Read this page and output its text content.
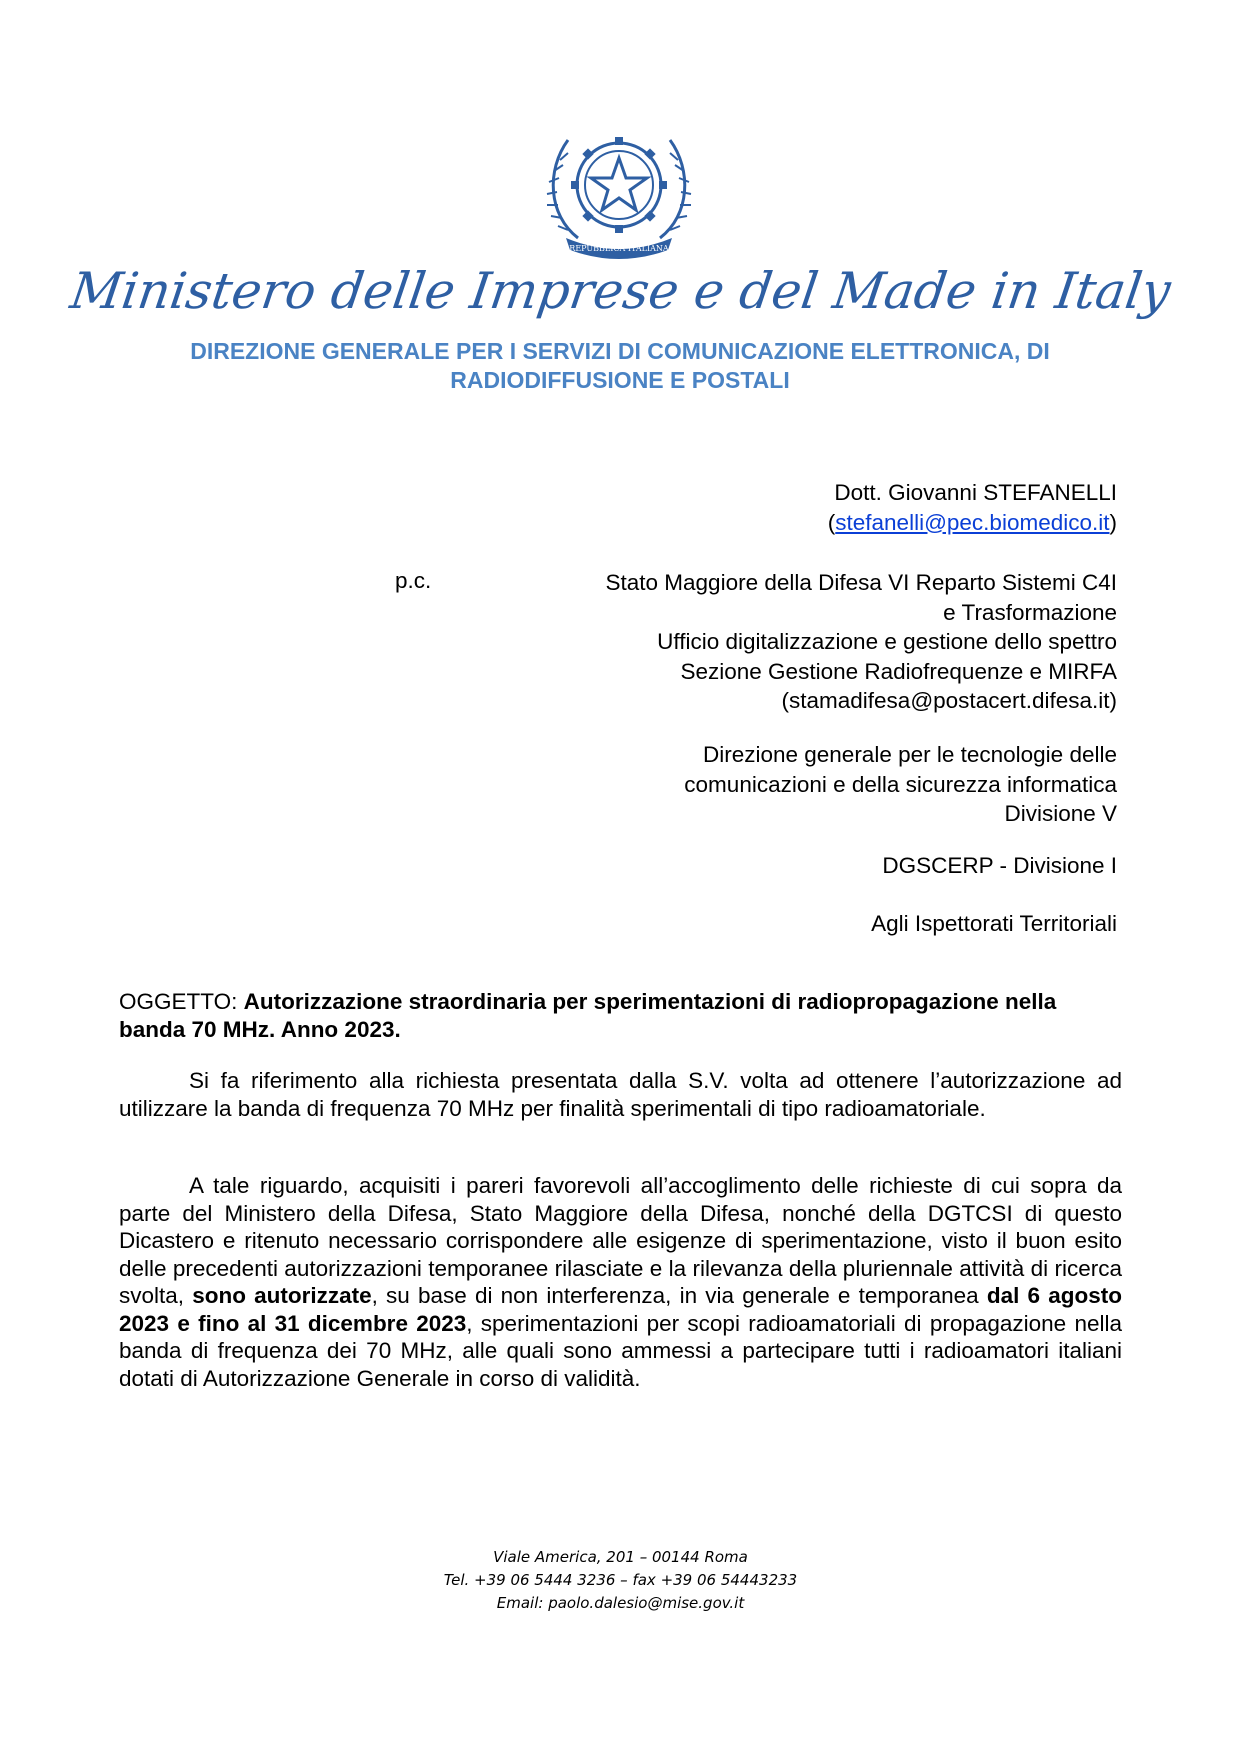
REPUBBLICA ITALIANA
Ministero delle Imprese e del Made in Italy
DIREZIONE GENERALE PER I SERVIZI DI COMUNICAZIONE ELETTRONICA, DI
RADIODIFFUSIONE E POSTALI
Dott. Giovanni STEFANELLI
(stefanelli@pec.biomedico.it)
p.c.	Stato Maggiore della Difesa VI Reparto Sistemi C4I
e Trasformazione
Ufficio digitalizzazione e gestione dello spettro
Sezione Gestione Radiofrequenze e MIRFA
(stamadifesa@postacert.difesa.it)
Direzione generale per le tecnologie delle
comunicazioni e della sicurezza informatica
Divisione V
DGSCERP - Divisione I
Agli Ispettorati Territoriali
OGGETTO: Autorizzazione straordinaria per sperimentazioni di radiopropagazione nella banda 70 MHz. Anno 2023.
Si fa riferimento alla richiesta presentata dalla S.V. volta ad ottenere l’autorizzazione ad utilizzare la banda di frequenza 70 MHz per finalità sperimentali di tipo radioamatoriale.
A tale riguardo, acquisiti i pareri favorevoli all’accoglimento delle richieste di cui sopra da parte del Ministero della Difesa, Stato Maggiore della Difesa, nonché della DGTCSI di questo Dicastero e ritenuto necessario corrispondere alle esigenze di sperimentazione, visto il buon esito delle precedenti autorizzazioni temporanee rilasciate e la rilevanza della pluriennale attività di ricerca svolta, sono autorizzate, su base di non interferenza, in via generale e temporanea dal 6 agosto 2023 e fino al 31 dicembre 2023, sperimentazioni per scopi radioamatoriali di propagazione nella banda di frequenza dei 70 MHz, alle quali sono ammessi a partecipare tutti i radioamatori italiani dotati di Autorizzazione Generale in corso di validità.
Viale America, 201 – 00144 Roma
Tel. +39 06 5444 3236 – fax +39 06 54443233
Email: paolo.dalesio@mise.gov.it
